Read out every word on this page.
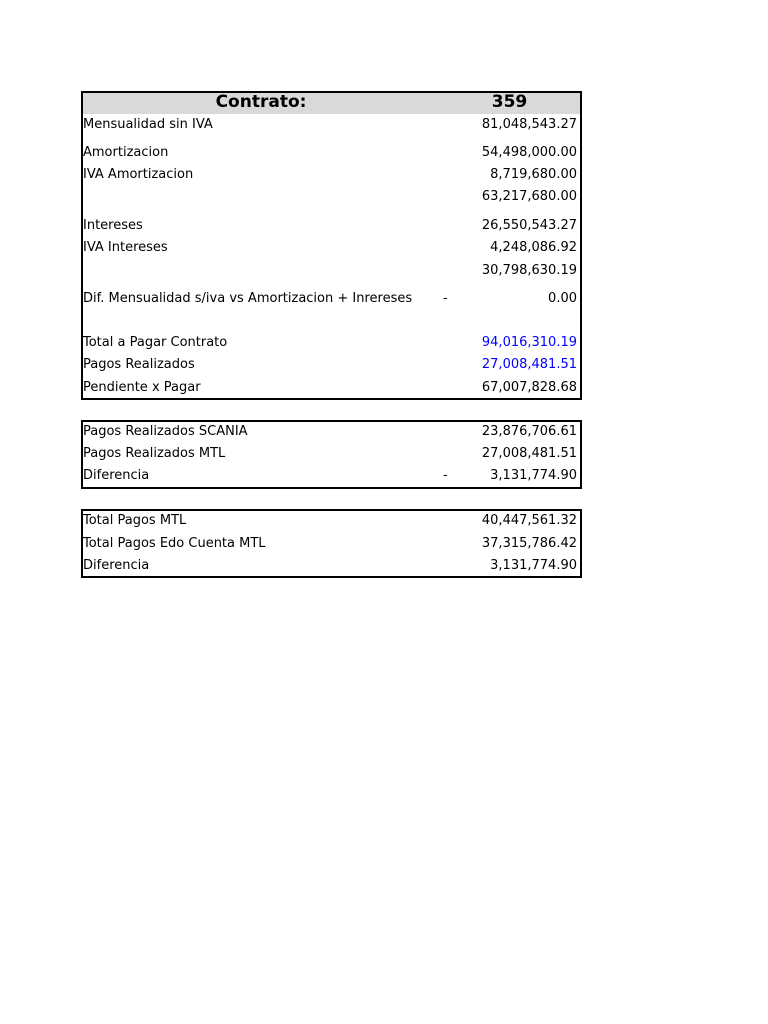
Contrato:	359
Mensualidad sin IVA	81,048,543.27
Amortizacion	54,498,000.00
IVA Amortizacion	8,719,680.00
63,217,680.00
Intereses	26,550,543.27
IVA Intereses	4,248,086.92
30,798,630.19
Dif. Mensualidad s/iva vs Amortizacion + Inrereses -	0.00
Total a Pagar Contrato	94,016,310.19
Pagos Realizados	27,008,481.51
Pendiente x Pagar	67,007,828.68
Pagos Realizados SCANIA	23,876,706.61
Pagos Realizados MTL	27,008,481.51
Diferencia	-	3,131,774.90
Total Pagos MTL	40,447,561.32
Total Pagos Edo Cuenta MTL	37,315,786.42
Diferencia	3,131,774.90
